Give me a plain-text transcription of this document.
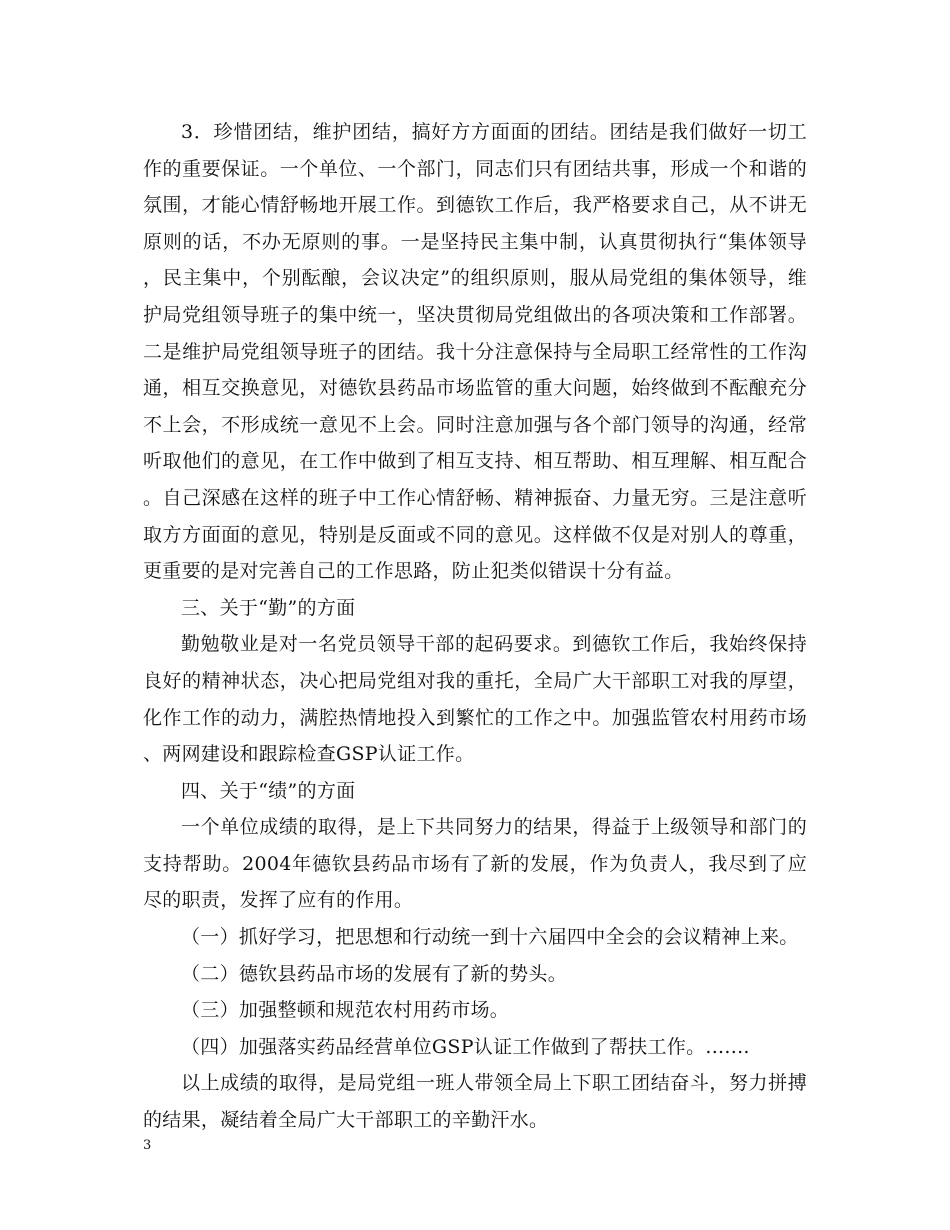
3．珍惜团结，维护团结，搞好方方面面的团结。团结是我们做好一切工作的重要保证。一个单位、一个部门，同志们只有团结共事，形成一个和谐的氛围，才能心情舒畅地开展工作。到德钦工作后，我严格要求自己，从不讲无原则的话，不办无原则的事。一是坚持民主集中制，认真贯彻执行“集体领导，民主集中，个别酝酿，会议决定”的组织原则，服从局党组的集体领导，维护局党组领导班子的集中统一，坚决贯彻局党组做出的各项决策和工作部署。二是维护局党组领导班子的团结。我十分注意保持与全局职工经常性的工作沟通，相互交换意见，对德钦县药品市场监管的重大问题，始终做到不酝酿充分不上会，不形成统一意见不上会。同时注意加强与各个部门领导的沟通，经常听取他们的意见，在工作中做到了相互支持、相互帮助、相互理解、相互配合。自己深感在这样的班子中工作心情舒畅、精神振奋、力量无穷。三是注意听取方方面面的意见，特别是反面或不同的意见。这样做不仅是对别人的尊重，更重要的是对完善自己的工作思路，防止犯类似错误十分有益。

三、关于“勤”的方面

勤勉敬业是对一名党员领导干部的起码要求。到德钦工作后，我始终保持良好的精神状态，决心把局党组对我的重托，全局广大干部职工对我的厚望，化作工作的动力，满腔热情地投入到繁忙的工作之中。加强监管农村用药市场、两网建设和跟踪检查GSP认证工作。

四、关于“绩”的方面

一个单位成绩的取得，是上下共同努力的结果，得益于上级领导和部门的支持帮助。2004年德钦县药品市场有了新的发展，作为负责人，我尽到了应尽的职责，发挥了应有的作用。

（一）抓好学习，把思想和行动统一到十六届四中全会的会议精神上来。

（二）德钦县药品市场的发展有了新的势头。

（三）加强整顿和规范农村用药市场。

（四）加强落实药品经营单位GSP认证工作做到了帮扶工作。.......

以上成绩的取得，是局党组一班人带领全局上下职工团结奋斗，努力拼搏的结果，凝结着全局广大干部职工的辛勤汗水。

3
